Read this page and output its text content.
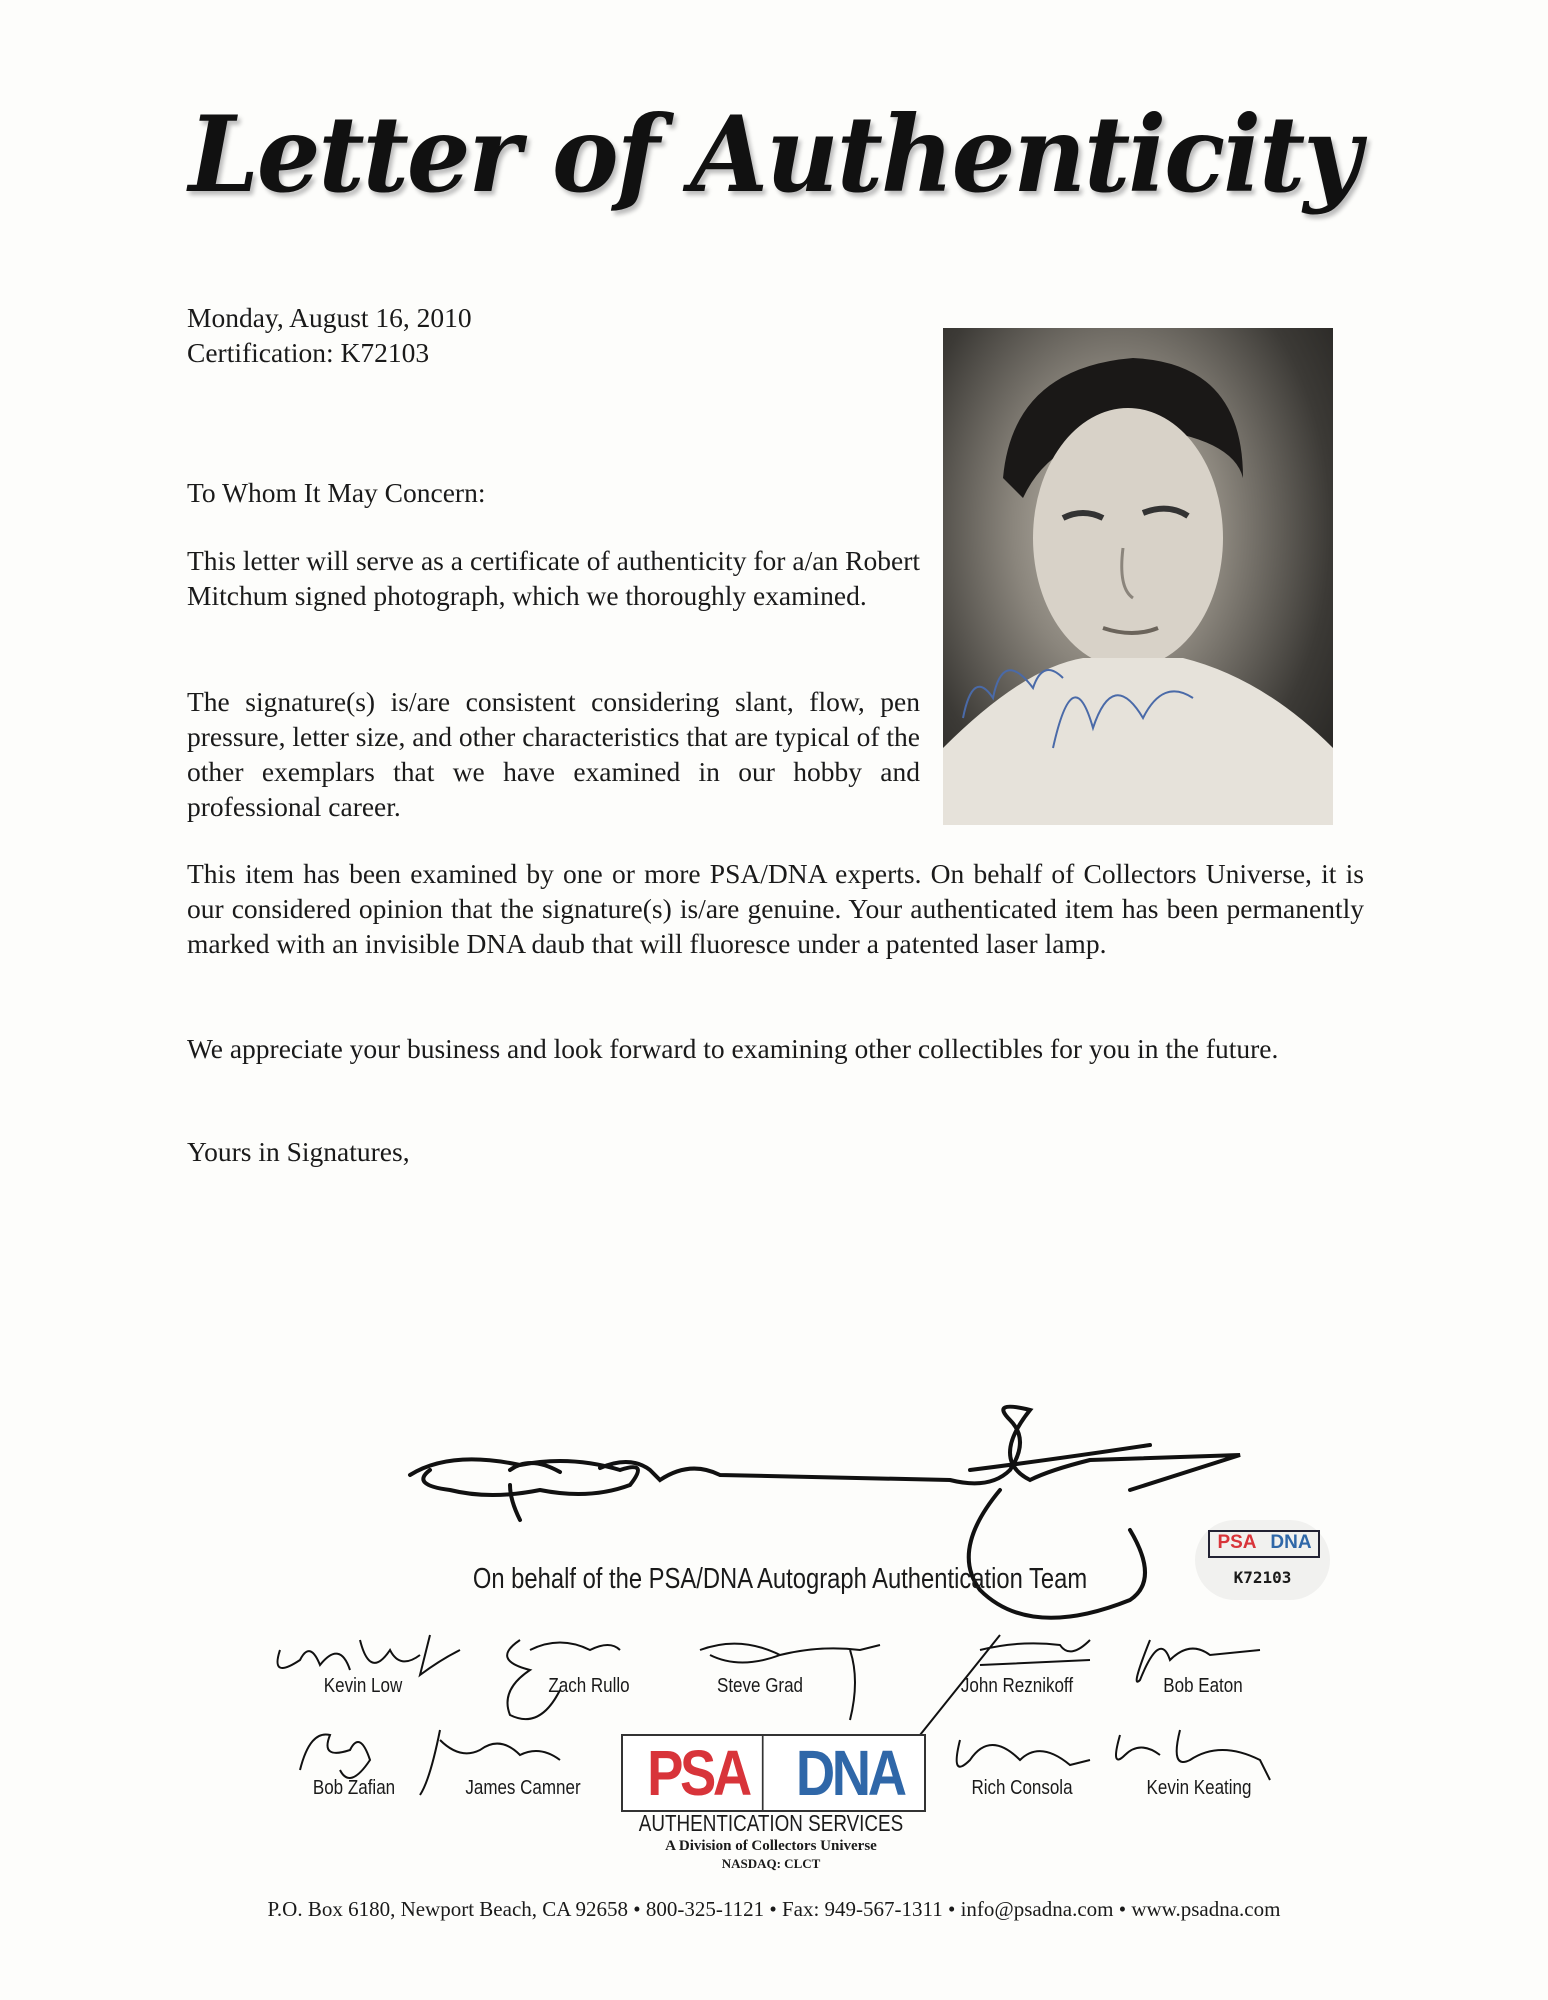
Letter of Authenticity
Monday, August 16, 2010
Certification: K72103
To Whom It May Concern:
This letter will serve as a certificate of authenticity for a/an Robert Mitchum signed photograph, which we thoroughly examined.
The signature(s) is/are consistent considering slant, flow, pen pressure, letter size, and other characteristics that are typical of the other exemplars that we have examined in our hobby and professional career.
This item has been examined by one or more PSA/DNA experts. On behalf of Collectors Universe, it is our considered opinion that the signature(s) is/are genuine. Your authenticated item has been permanently marked with an invisible DNA daub that will fluoresce under a patented laser lamp.
We appreciate your business and look forward to examining other collectibles for you in the future.
Yours in Signatures,
PSA DNA
K72103
On behalf of the PSA/DNA Autograph Authentication Team
Kevin Low	Zach Rullo	Steve Grad	John Reznikoff	Bob Eaton
Bob Zafian	James Camner	Rich Consola	Kevin Keating
PSA DNA
AUTHENTICATION SERVICES
A Division of Collectors Universe
NASDAQ: CLCT
P.O. Box 6180, Newport Beach, CA 92658 • 800-325-1121 • Fax: 949-567-1311 • info@psadna.com • www.psadna.com
